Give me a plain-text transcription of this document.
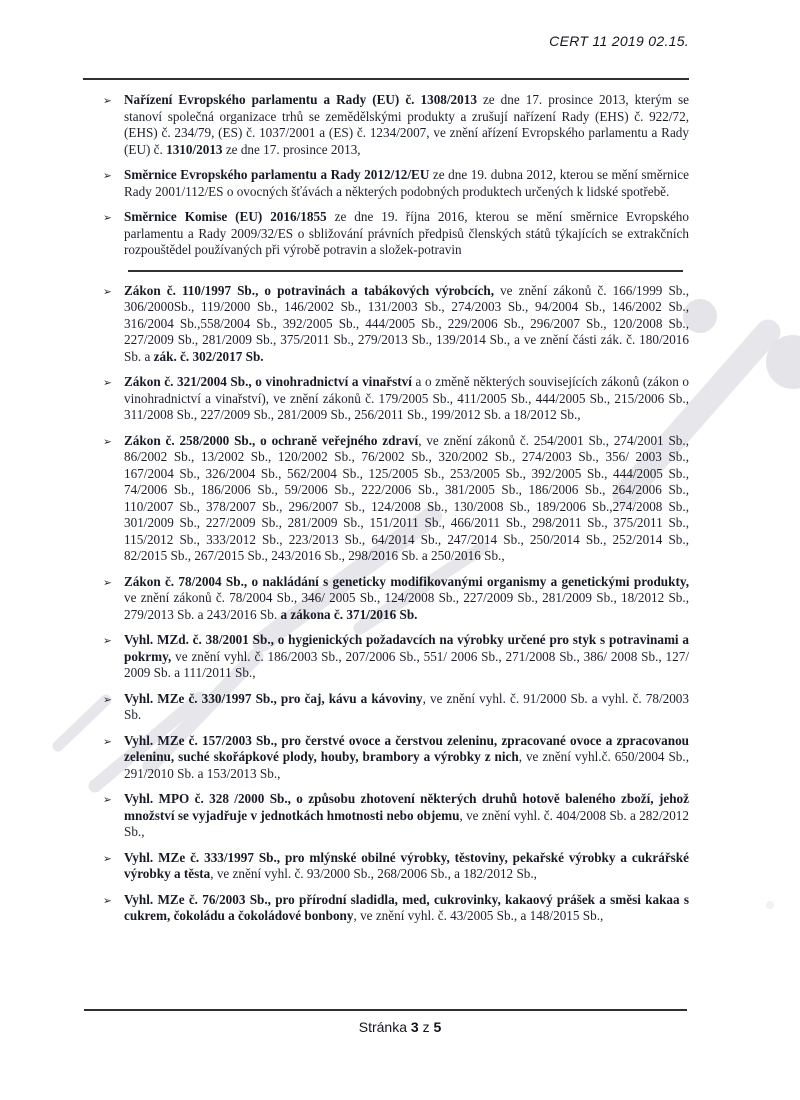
CERT 11 2019 02.15.
➢ Nařízení Evropského parlamentu a Rady (EU) č. 1308/2013 ze dne 17. prosince 2013, kterým se stanoví společná organizace trhů se zemědělskými produkty a zrušují nařízení Rady (EHS) č. 922/72, (EHS) č. 234/79, (ES) č. 1037/2001 a (ES) č. 1234/2007, ve znění ařízení Evropského parlamentu a Rady (EU) č. 1310/2013 ze dne 17. prosince 2013,
➢ Směrnice Evropského parlamentu a Rady 2012/12/EU ze dne 19. dubna 2012, kterou se mění směrnice Rady 2001/112/ES o ovocných šťávách a některých podobných produktech určených k lidské spotřebě.
➢ Směrnice Komise (EU) 2016/1855 ze dne 19. října 2016, kterou se mění směrnice Evropského parlamentu a Rady 2009/32/ES o sbližování právních předpisů členských států týkajících se extrakčních rozpouštědel používaných při výrobě potravin a složek-potravin
➢ Zákon č. 110/1997 Sb., o potravinách a tabákových výrobcích, ve znění zákonů č. 166/1999 Sb., 306/2000Sb., 119/2000 Sb., 146/2002 Sb., 131/2003 Sb., 274/2003 Sb., 94/2004 Sb., 146/2002 Sb., 316/2004 Sb.,558/2004 Sb., 392/2005 Sb., 444/2005 Sb., 229/2006 Sb., 296/2007 Sb., 120/2008 Sb., 227/2009 Sb., 281/2009 Sb., 375/2011 Sb., 279/2013 Sb., 139/2014 Sb., a ve znění části zák. č. 180/2016 Sb. a zák. č. 302/2017 Sb.
➢ Zákon č. 321/2004 Sb., o vinohradnictví a vinařství a o změně některých souvisejících zákonů (zákon o vinohradnictví a vinařství), ve znění zákonů č. 179/2005 Sb., 411/2005 Sb., 444/2005 Sb., 215/2006 Sb., 311/2008 Sb., 227/2009 Sb., 281/2009 Sb., 256/2011 Sb., 199/2012 Sb. a 18/2012 Sb.,
➢ Zákon č. 258/2000 Sb., o ochraně veřejného zdraví, ve znění zákonů č. 254/2001 Sb., 274/2001 Sb., 86/2002 Sb., 13/2002 Sb., 120/2002 Sb., 76/2002 Sb., 320/2002 Sb., 274/2003 Sb., 356/ 2003 Sb., 167/2004 Sb., 326/2004 Sb., 562/2004 Sb., 125/2005 Sb., 253/2005 Sb., 392/2005 Sb., 444/2005 Sb., 74/2006 Sb., 186/2006 Sb., 59/2006 Sb., 222/2006 Sb., 381/2005 Sb., 186/2006 Sb., 264/2006 Sb., 110/2007 Sb., 378/2007 Sb., 296/2007 Sb., 124/2008 Sb., 130/2008 Sb., 189/2006 Sb.,274/2008 Sb., 301/2009 Sb., 227/2009 Sb., 281/2009 Sb., 151/2011 Sb., 466/2011 Sb., 298/2011 Sb., 375/2011 Sb., 115/2012 Sb., 333/2012 Sb., 223/2013 Sb., 64/2014 Sb., 247/2014 Sb., 250/2014 Sb., 252/2014 Sb., 82/2015 Sb., 267/2015 Sb., 243/2016 Sb., 298/2016 Sb. a 250/2016 Sb.,
➢ Zákon č. 78/2004 Sb., o nakládání s geneticky modifikovanými organismy a genetickými produkty, ve znění zákonů č. 78/2004 Sb., 346/ 2005 Sb., 124/2008 Sb., 227/2009 Sb., 281/2009 Sb., 18/2012 Sb., 279/2013 Sb. a 243/2016 Sb. a zákona č. 371/2016 Sb.
➢ Vyhl. MZd. č. 38/2001 Sb., o hygienických požadavcích na výrobky určené pro styk s potravinami a pokrmy, ve znění vyhl. č. 186/2003 Sb., 207/2006 Sb., 551/ 2006 Sb., 271/2008 Sb., 386/ 2008 Sb., 127/ 2009 Sb. a 111/2011 Sb.,
➢ Vyhl. MZe č. 330/1997 Sb., pro čaj, kávu a kávoviny, ve znění vyhl. č. 91/2000 Sb. a vyhl. č. 78/2003 Sb.
➢ Vyhl. MZe č. 157/2003 Sb., pro čerstvé ovoce a čerstvou zeleninu, zpracované ovoce a zpracovanou zeleninu, suché skořápkové plody, houby, brambory a výrobky z nich, ve znění vyhl.č. 650/2004 Sb., 291/2010 Sb. a 153/2013 Sb.,
➢ Vyhl. MPO č. 328 /2000 Sb., o způsobu zhotovení některých druhů hotově baleného zboží, jehož množství se vyjadřuje v jednotkách hmotnosti nebo objemu, ve znění vyhl. č. 404/2008 Sb. a 282/2012 Sb.,
➢ Vyhl. MZe č. 333/1997 Sb., pro mlýnské obilné výrobky, těstoviny, pekařské výrobky a cukrářské výrobky a těsta, ve znění vyhl. č. 93/2000 Sb., 268/2006 Sb., a 182/2012 Sb.,
➢ Vyhl. MZe č. 76/2003 Sb., pro přírodní sladidla, med, cukrovinky, kakaový prášek a směsi kakaa s cukrem, čokoládu a čokoládové bonbony, ve znění vyhl. č. 43/2005 Sb., a 148/2015 Sb.,
Stránka 3 z 5
